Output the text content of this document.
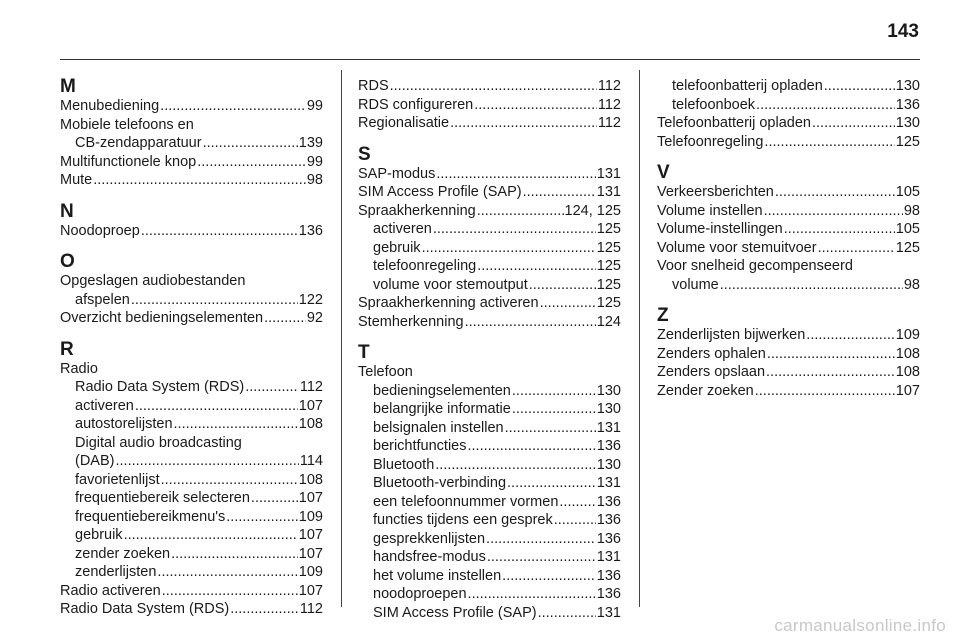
143
M
Menubediening .....	99
Mobiele telefoons en
CB-zendapparatuur .....	139
Multifunctionele knop .....	99
Mute .....	98
N
Noodoproep .....	136
O
Opgeslagen audiobestanden
afspelen .....	122
Overzicht bedieningselementen .....	92
R
Radio
Radio Data System (RDS) .....	112
activeren .....	107
autostorelijsten .....	108
Digital audio broadcasting
(DAB) .....	114
favorietenlijst .....	108
frequentiebereik selecteren .....	107
frequentiebereikmenu's .....	109
gebruik .....	107
zender zoeken .....	107
zenderlijsten .....	109
Radio activeren .....	107
Radio Data System (RDS) .....	112
RDS .....	112
RDS configureren .....	112
Regionalisatie .....	112
S
SAP-modus .....	131
SIM Access Profile (SAP) .....	131
Spraakherkenning .....	124, 125
activeren .....	125
gebruik .....	125
telefoonregeling .....	125
volume voor stemoutput .....	125
Spraakherkenning activeren .....	125
Stemherkenning .....	124
T
Telefoon
bedieningselementen .....	130
belangrijke informatie .....	130
belsignalen instellen .....	131
berichtfuncties .....	136
Bluetooth .....	130
Bluetooth-verbinding .....	131
een telefoonnummer vormen .....	136
functies tijdens een gesprek .....	136
gesprekkenlijsten .....	136
handsfree-modus .....	131
het volume instellen .....	136
noodoproepen .....	136
SIM Access Profile (SAP) .....	131
telefoonbatterij opladen .....	130
telefoonboek .....	136
Telefoonbatterij opladen .....	130
Telefoonregeling .....	125
V
Verkeersberichten .....	105
Volume instellen .....	98
Volume-instellingen .....	105
Volume voor stemuitvoer .....	125
Voor snelheid gecompenseerd
volume .....	98
Z
Zenderlijsten bijwerken .....	109
Zenders ophalen .....	108
Zenders opslaan .....	108
Zender zoeken .....	107
carmanualsonline.info
